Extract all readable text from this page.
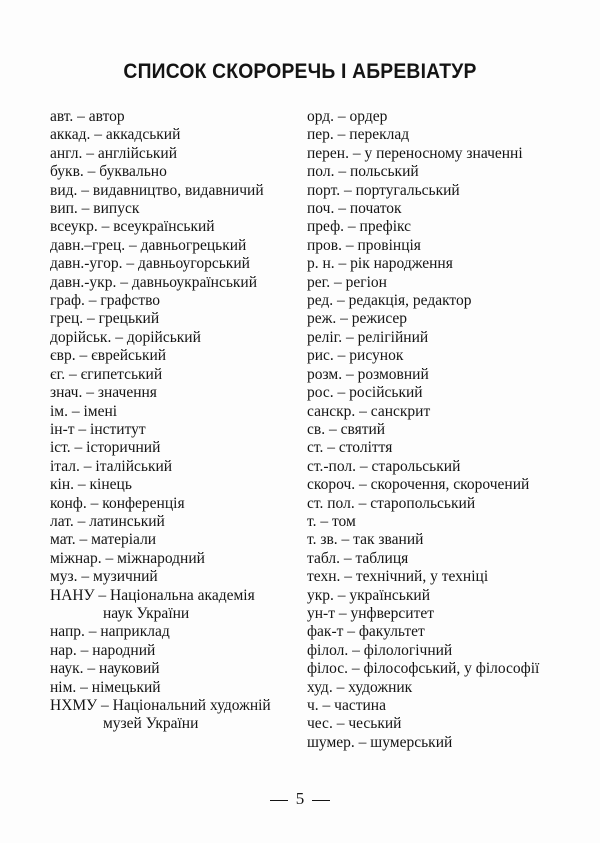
СПИСОК СКОРОРЕЧЬ І АБРЕВІАТУР
авт. – автор
аккад. – аккадський
англ. – англійський
букв. – буквально
вид. – видавництво, видавничий
вип. – випуск
всеукр. – всеукраїнський
давн.–грец. – давньогрецький
давн.-угор. – давньоугорський
давн.-укр. – давньоукраїнський
граф. – графство
грец. – грецький
дорійськ. – дорійський
євр. – єврейський
єг. – єгипетський
знач. – значення
ім. – імені
ін-т – інститут
іст. – історичний
італ. – італійський
кін. – кінець
конф. – конференція
лат. – латинський
мат. – матеріали
міжнар. – міжнародний
муз. – музичний
НАНУ – Національна академія
наук України
напр. – наприклад
нар. – народний
наук. – науковий
нім. – німецький
НХМУ – Національний художній
музей України
орд. – ордер
пер. – переклад
перен. – у переносному значенні
пол. – польський
порт. – португальський
поч. – початок
преф. – префікс
пров. – провінція
р. н. – рік народження
рег. – регіон
ред. – редакція, редактор
реж. – режисер
реліг. – релігійний
рис. – рисунок
розм. – розмовний
рос. – російський
санскр. – санскрит
св. – святий
ст. – століття
ст.-пол. – старольський
скороч. – скорочення, скорочений
ст. пол. – старопольський
т. – том
т. зв. – так званий
табл. – таблиця
техн. – технічний, у техніці
укр. – український
ун-т – унфверситет
фак-т – факультет
філол. – філологічний
філос. – філософський, у філософії
худ. – художник
ч. – частина
чес. – чеський
шумер. – шумерський
5
